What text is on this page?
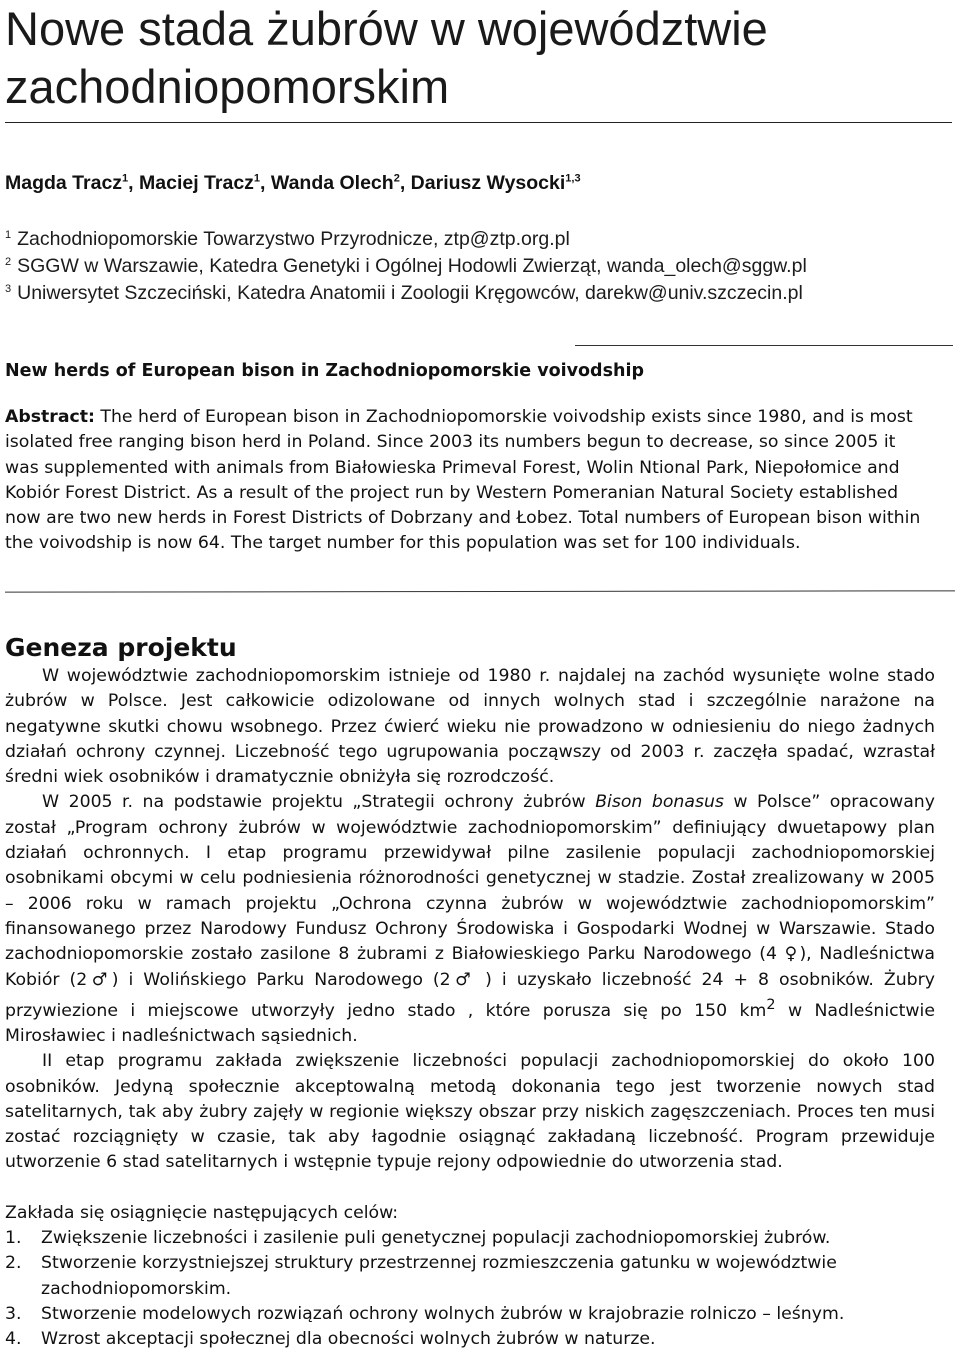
Nowe stada żubrów w województwie zachodniopomorskim
Magda Tracz$^1$, Maciej Tracz$^1$, Wanda Olech$^2$, Dariusz Wysocki$^{1,3}$
$^1$ Zachodniopomorskie Towarzystwo Przyrodnicze, ztp@ztp.org.pl
$^2$ SGGW w Warszawie, Katedra Genetyki i Ogólnej Hodowli Zwierząt, wanda_olech@sggw.pl
$^3$ Uniwersytet Szczeciński, Katedra Anatomii i Zoologii Kręgowców, darekw@univ.szczecin.pl
New herds of European bison in Zachodniopomorskie voivodship
Abstract: The herd of European bison in Zachodniopomorskie voivodship exists since 1980, and is most isolated free ranging bison herd in Poland. Since 2003 its numbers begun to decrease, so since 2005 it was supplemented with animals from Białowieska Primeval Forest, Wolin Ntional Park, Niepołomice and Kobiór Forest District. As a result of the project run by Western Pomeranian Natural Society established now are two new herds in Forest Districts of Dobrzany and Łobez. Total numbers of European bison within the voivodship is now 64. The target number for this population was set for 100 individuals.
Geneza projektu

W województwie zachodniopomorskim istnieje od 1980 r. najdalej na zachód wysunięte wolne stado żubrów w Polsce. Jest całkowicie odizolowane od innych wolnych stad i szczególnie narażone na negatywne skutki chowu wsobnego. Przez ćwierć wieku nie prowadzono w odniesieniu do niego żadnych działań ochrony czynnej. Liczebność tego ugrupowania począwszy od 2003 r. zaczęła spadać, wzrastał średni wiek osobników i dramatycznie obniżyła się rozrodczość.

W 2005 r. na podstawie projektu „Strategii ochrony żubrów Bison bonasus w Polsce” opracowany został „Program ochrony żubrów w województwie zachodniopomorskim” definiujący dwuetapowy plan działań ochronnych. I etap programu przewidywał pilne zasilenie populacji zachodniopomorskiej osobnikami obcymi w celu podniesienia różnorodności genetycznej w stadzie. Został zrealizowany w 2005 – 2006 roku w ramach projektu „Ochrona czynna żubrów w województwie zachodniopomorskim” finansowanego przez Narodowy Fundusz Ochrony Środowiska i Gospodarki Wodnej w Warszawie. Stado zachodniopomorskie zostało zasilone 8 żubrami z Białowieskiego Parku Narodowego (4 ♀), Nadleśnictwa Kobiór (2♂) i Wolińskiego Parku Narodowego (2♂ ) i uzyskało liczebność 24 + 8 osobników. Żubry przywiezione i miejscowe utworzyły jedno stado , które porusza się po 150 $km^2$ w Nadleśnictwie Mirosławiec i nadleśnictwach sąsiednich.

II etap programu zakłada zwiększenie liczebności populacji zachodniopomorskiej do około 100 osobników. Jedyną społecznie akceptowalną metodą dokonania tego jest tworzenie nowych stad satelitarnych, tak aby żubry zajęły w regionie większy obszar przy niskich zagęszczeniach. Proces ten musi zostać rozciągnięty w czasie, tak aby łagodnie osiągnąć zakładaną liczebność. Program przewiduje utworzenie 6 stad satelitarnych i wstępnie typuje rejony odpowiednie do utworzenia stad.

Zakłada się osiągnięcie następujących celów:

1. Zwiększenie liczebności i zasilenie puli genetycznej populacji zachodniopomorskiej żubrów.
2. Stworzenie korzystniejszej struktury przestrzennej rozmieszczenia gatunku w województwie zachodniopomorskim.
3. Stworzenie modelowych rozwiązań ochrony wolnych żubrów w krajobrazie rolniczo – leśnym.
4. Wzrost akceptacji społecznej dla obecności wolnych żubrów w naturze.
